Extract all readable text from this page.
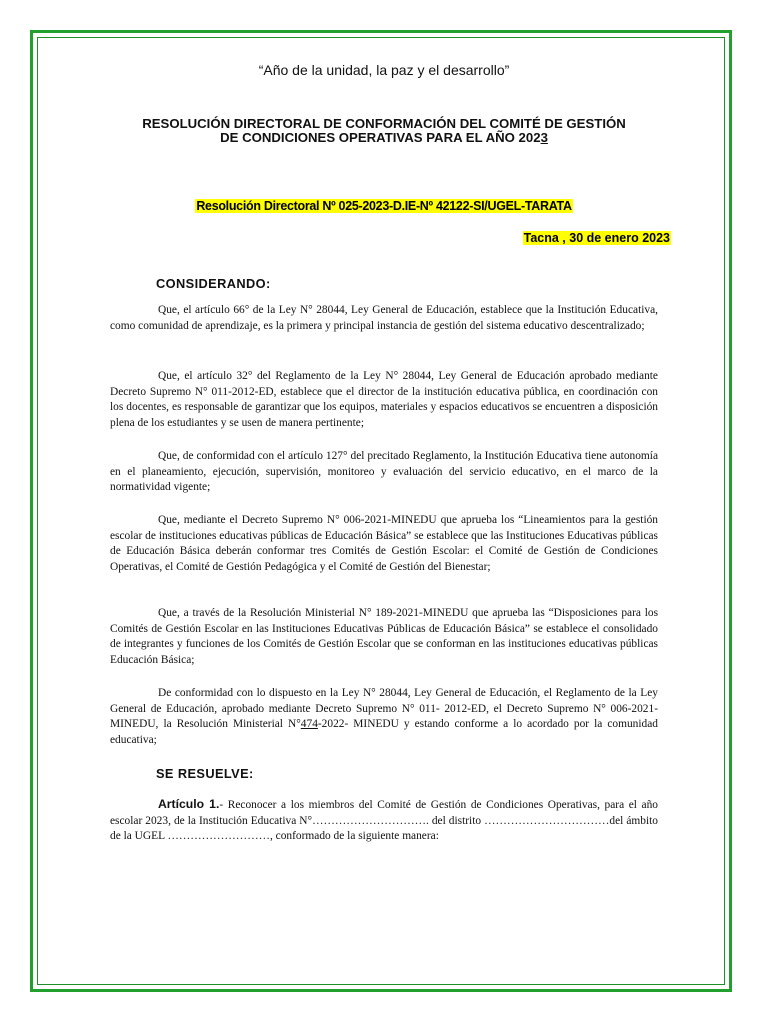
“Año de la unidad, la paz y el desarrollo”
RESOLUCIÓN DIRECTORAL DE CONFORMACIÓN DEL COMITÉ DE GESTIÓN
DE CONDICIONES OPERATIVAS PARA EL AÑO 2023
Resolución Directoral Nº 025-2023-D.IE-Nº 42122-SI/UGEL-TARATA
Tacna , 30 de enero 2023
CONSIDERANDO:
Que, el artículo 66° de la Ley N° 28044, Ley General de Educación, establece que la Institución Educativa, como comunidad de aprendizaje, es la primera y principal instancia de gestión del sistema educativo descentralizado;
Que, el artículo 32° del Reglamento de la Ley N° 28044, Ley General de Educación aprobado mediante Decreto Supremo N° 011-2012-ED, establece que el director de la institución educativa pública, en coordinación con los docentes, es responsable de garantizar que los equipos, materiales y espacios educativos se encuentren a disposición plena de los estudiantes y se usen de manera pertinente;
Que, de conformidad con el artículo 127° del precitado Reglamento, la Institución Educativa tiene autonomía en el planeamiento, ejecución, supervisión, monitoreo y evaluación del servicio educativo, en el marco de la normatividad vigente;
Que, mediante el Decreto Supremo N° 006-2021-MINEDU que aprueba los “Lineamientos para la gestión escolar de instituciones educativas públicas de Educación Básica” se establece que las Instituciones Educativas públicas de Educación Básica deberán conformar tres Comités de Gestión Escolar: el Comité de Gestión de Condiciones Operativas, el Comité de Gestión Pedagógica y el Comité de Gestión del Bienestar;
Que, a través de la Resolución Ministerial N° 189-2021-MINEDU que aprueba las “Disposiciones para los Comités de Gestión Escolar en las Instituciones Educativas Públicas de Educación Básica” se establece el consolidado de integrantes y funciones de los Comités de Gestión Escolar que se conforman en las instituciones educativas públicas Educación Básica;
De conformidad con lo dispuesto en la Ley N° 28044, Ley General de Educación, el Reglamento de la Ley General de Educación, aprobado mediante Decreto Supremo N° 011- 2012-ED, el Decreto Supremo N° 006-2021-MINEDU, la Resolución Ministerial N°474-2022- MINEDU y estando conforme a lo acordado por la comunidad educativa;
SE RESUELVE:
Artículo 1.- Reconocer a los miembros del Comité de Gestión de Condiciones Operativas, para el año escolar 2023, de la Institución Educativa N°…………………………. del distrito ……………………………del ámbito de la UGEL ………………………, conformado de la siguiente manera:
